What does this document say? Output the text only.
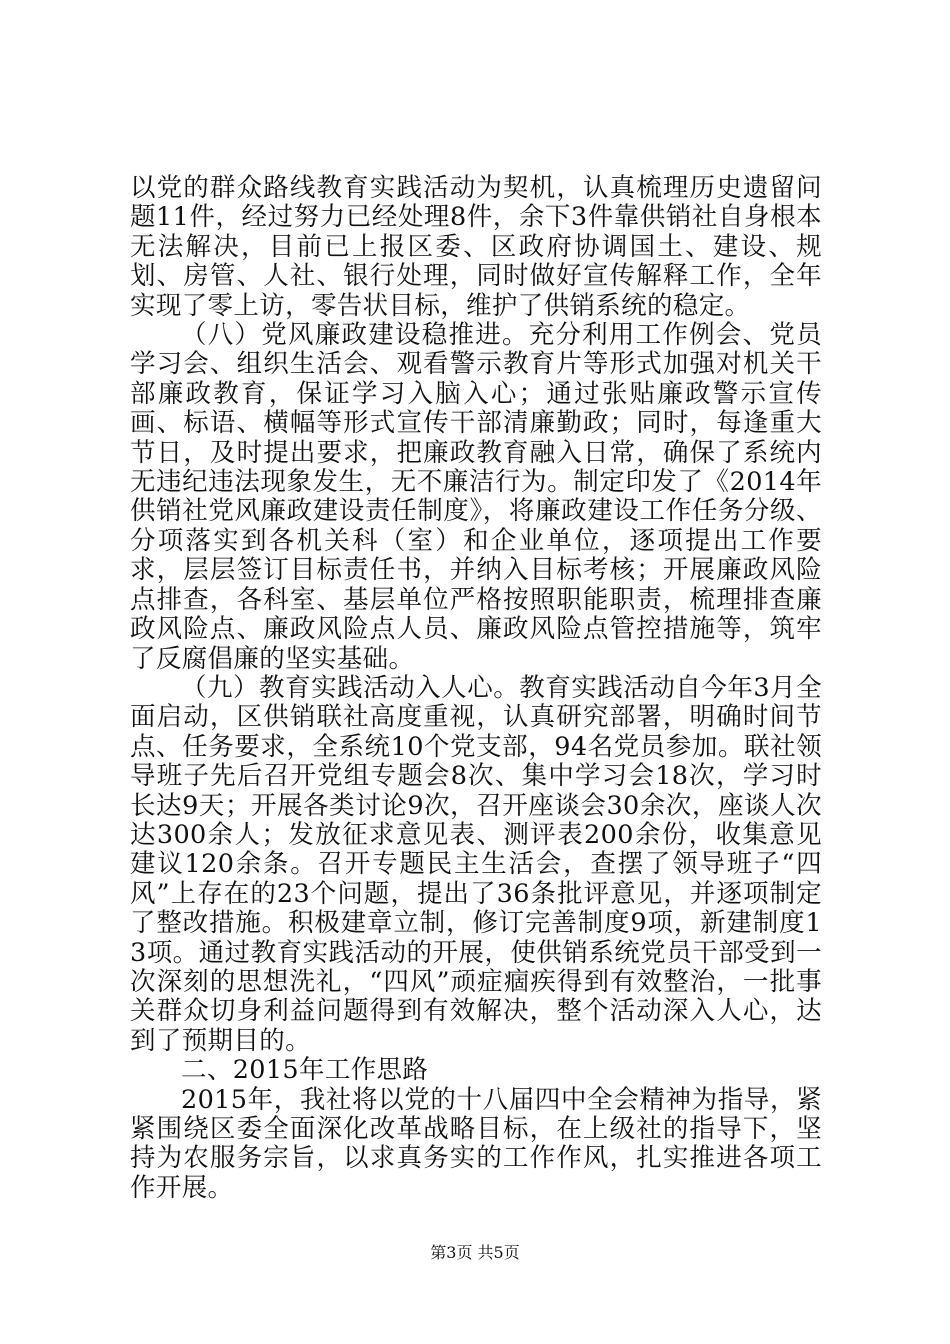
以党的群众路线教育实践活动为契机，认真梳理历史遗留问题11件，经过努力已经处理8件，余下3件靠供销社自身根本无法解决，目前已上报区委、区政府协调国土、建设、规划、房管、人社、银行处理，同时做好宣传解释工作，全年实现了零上访，零告状目标，维护了供销系统的稳定。

（八）党风廉政建设稳推进。充分利用工作例会、党员学习会、组织生活会、观看警示教育片等形式加强对机关干部廉政教育，保证学习入脑入心；通过张贴廉政警示宣传画、标语、横幅等形式宣传干部清廉勤政；同时，每逢重大节日，及时提出要求，把廉政教育融入日常，确保了系统内无违纪违法现象发生，无不廉洁行为。制定印发了《2014年供销社党风廉政建设责任制度》，将廉政建设工作任务分级、分项落实到各机关科（室）和企业单位，逐项提出工作要求，层层签订目标责任书，并纳入目标考核；开展廉政风险点排查，各科室、基层单位严格按照职能职责，梳理排查廉政风险点、廉政风险点人员、廉政风险点管控措施等，筑牢了反腐倡廉的坚实基础。

（九）教育实践活动入人心。教育实践活动自今年3月全面启动，区供销联社高度重视，认真研究部署，明确时间节点、任务要求，全系统10个党支部，94名党员参加。联社领导班子先后召开党组专题会8次、集中学习会18次，学习时长达9天；开展各类讨论9次，召开座谈会30余次，座谈人次达300余人；发放征求意见表、测评表200余份，收集意见建议120余条。召开专题民主生活会，查摆了领导班子“四风”上存在的23个问题，提出了36条批评意见，并逐项制定了整改措施。积极建章立制，修订完善制度9项，新建制度13项。通过教育实践活动的开展，使供销系统党员干部受到一次深刻的思想洗礼，“四风”顽症痼疾得到有效整治，一批事关群众切身利益问题得到有效解决，整个活动深入人心，达到了预期目的。

二、2015年工作思路

2015年，我社将以党的十八届四中全会精神为指导，紧紧围绕区委全面深化改革战略目标，在上级社的指导下，坚持为农服务宗旨，以求真务实的工作作风，扎实推进各项工作开展。

第3页 共5页
